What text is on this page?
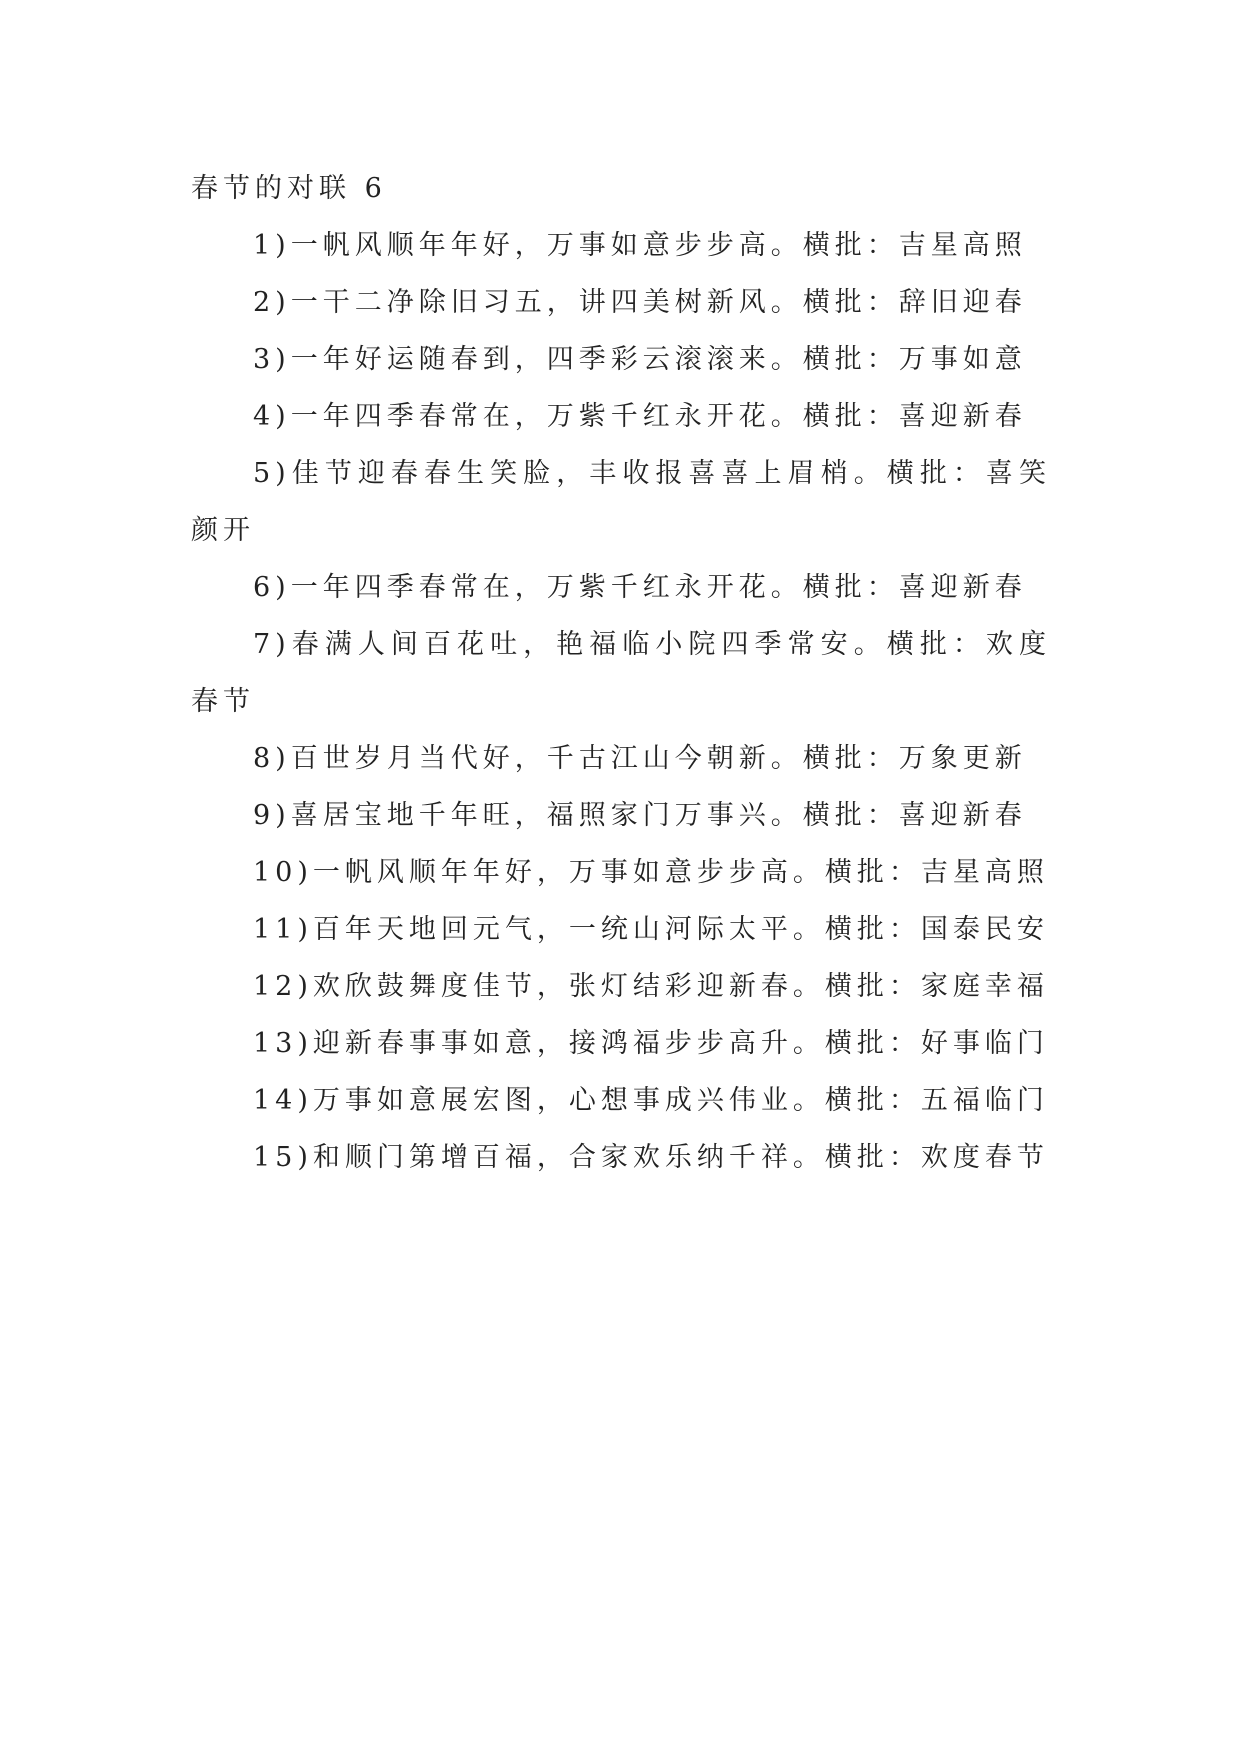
春节的对联 6

1)一帆风顺年年好，万事如意步步高。横批：吉星高照

2)一干二净除旧习五，讲四美树新风。横批：辞旧迎春

3)一年好运随春到，四季彩云滚滚来。横批：万事如意

4)一年四季春常在，万紫千红永开花。横批：喜迎新春

5)佳节迎春春生笑脸，丰收报喜喜上眉梢。横批：喜笑颜开

6)一年四季春常在，万紫千红永开花。横批：喜迎新春

7)春满人间百花吐，艳福临小院四季常安。横批：欢度春节

8)百世岁月当代好，千古江山今朝新。横批：万象更新

9)喜居宝地千年旺，福照家门万事兴。横批：喜迎新春

10)一帆风顺年年好，万事如意步步高。横批：吉星高照

11)百年天地回元气，一统山河际太平。横批：国泰民安

12)欢欣鼓舞度佳节，张灯结彩迎新春。横批：家庭幸福

13)迎新春事事如意，接鸿福步步高升。横批：好事临门

14)万事如意展宏图，心想事成兴伟业。横批：五福临门

15)和顺门第增百福，合家欢乐纳千祥。横批：欢度春节
